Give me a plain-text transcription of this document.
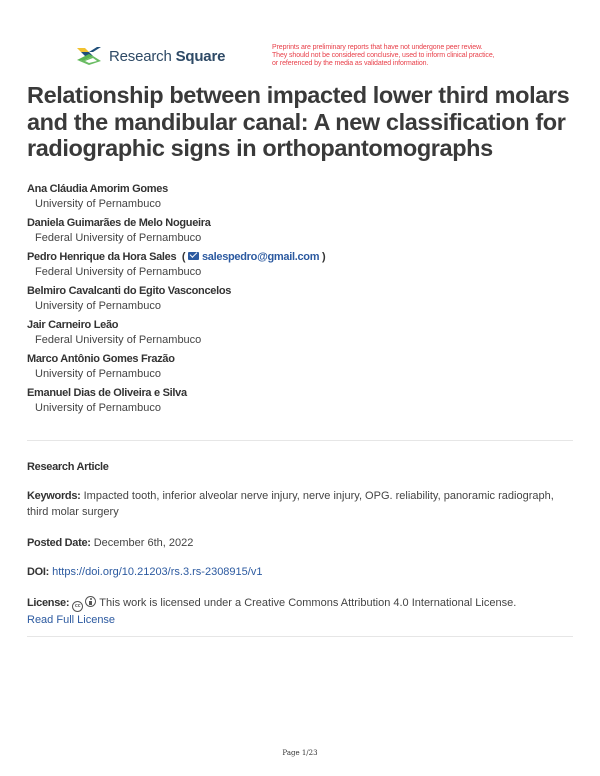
Research Square	Preprints are preliminary reports that have not undergone peer review.
They should not be considered conclusive, used to inform clinical practice,
or referenced by the media as validated information.
Relationship between impacted lower third molars and the mandibular canal: A new classification for radiographic signs in orthopantomographs
Ana Cláudia Amorim Gomes
University of Pernambuco
Daniela Guimarães de Melo Nogueira
Federal University of Pernambuco
Pedro Henrique da Hora Sales ( salespedro@gmail.com )
Federal University of Pernambuco
Belmiro Cavalcanti do Egito Vasconcelos
University of Pernambuco
Jair Carneiro Leão
Federal University of Pernambuco
Marco Antônio Gomes Frazão
University of Pernambuco
Emanuel Dias de Oliveira e Silva
University of Pernambuco
Research Article
Keywords: Impacted tooth, inferior alveolar nerve injury, nerve injury, OPG. reliability, panoramic radiograph, third molar surgery
Posted Date: December 6th, 2022
DOI: https://doi.org/10.21203/rs.3.rs-2308915/v1
License: cc This work is licensed under a Creative Commons Attribution 4.0 International License.
Read Full License
Page 1/23
